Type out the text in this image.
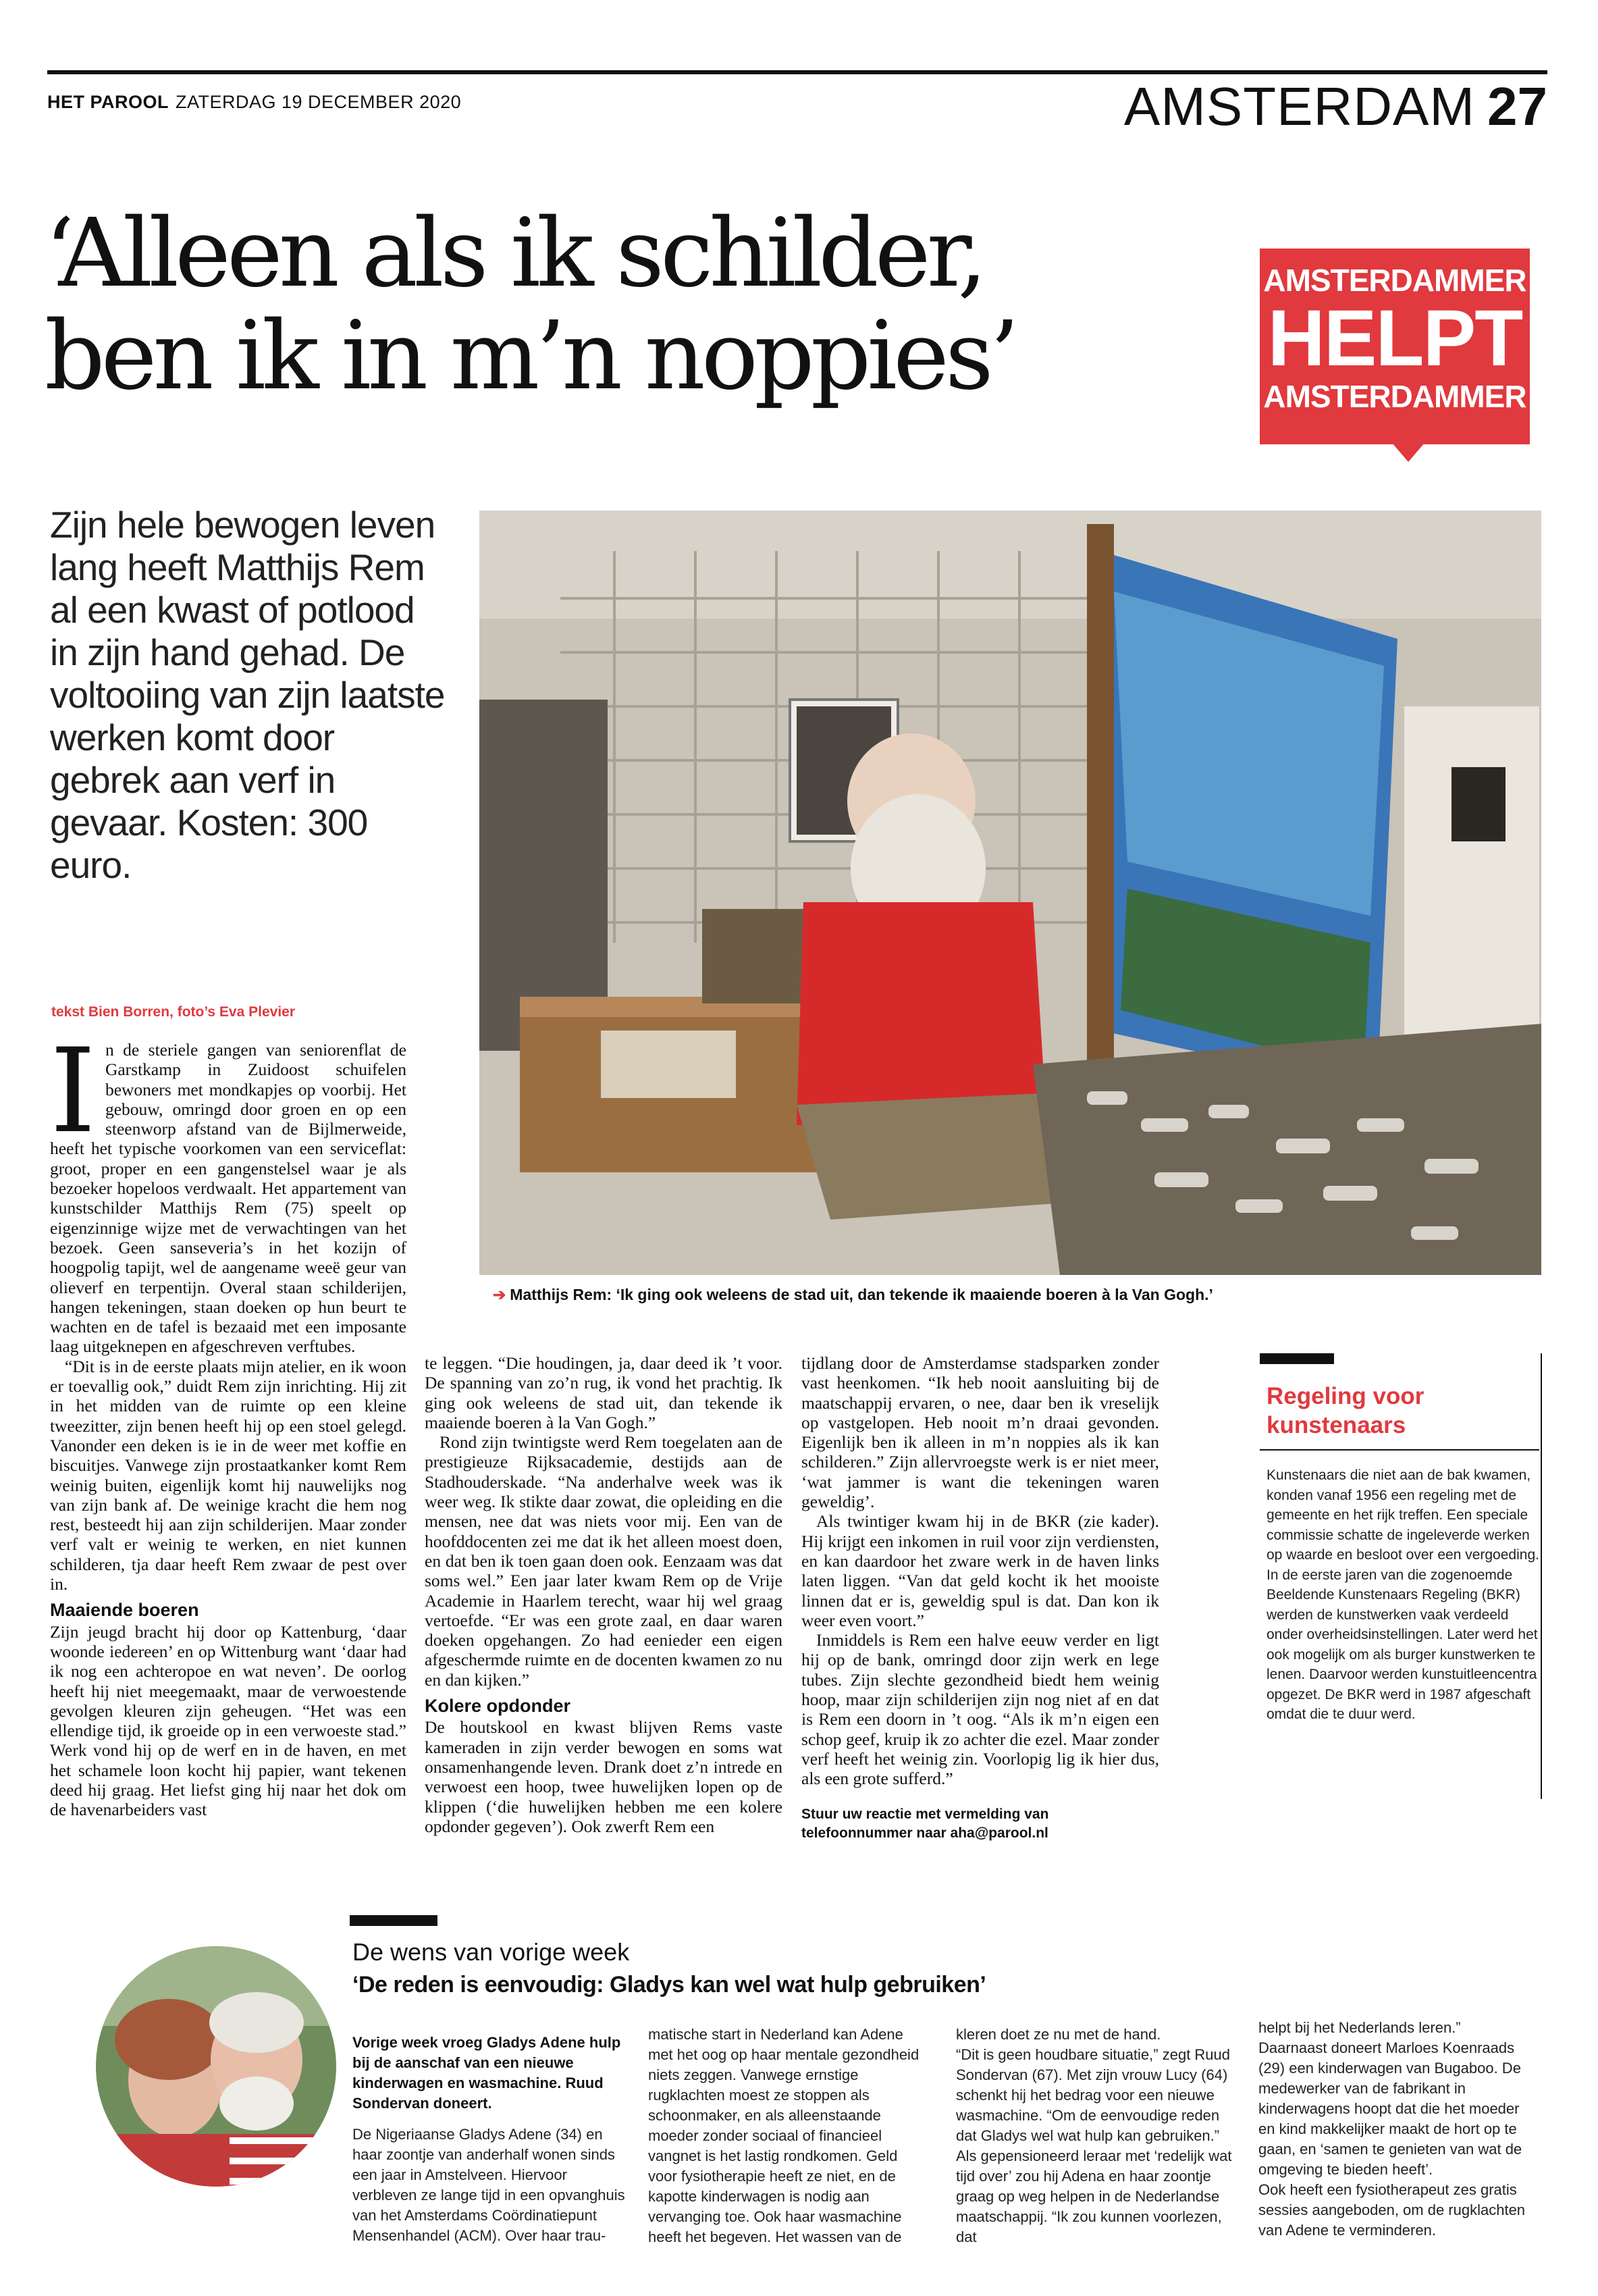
HET PAROOL ZATERDAG 19 DECEMBER 2020	AMSTERDAM 27
‘Alleen als ik schilder,
ben ik in m’n noppies’
AMSTERDAMMER
HELPT
AMSTERDAMMER
Zijn hele bewogen leven lang heeft Matthijs Rem al een kwast of potlood in zijn hand gehad. De voltooiing van zijn laatste werken komt door gebrek aan verf in gevaar. Kosten: 300 euro.
➔ Matthijs Rem: ‘Ik ging ook weleens de stad uit, dan tekende ik maaiende boeren à la Van Gogh.’
tekst Bien Borren, foto’s Eva Plevier
I n de steriele gangen van seniorenflat de Garstkamp in Zuidoost schuifelen bewoners met mondkapjes op voorbij. Het gebouw, omringd door groen en op een steenworp afstand van de Bijlmerweide, heeft het typische voorkomen van een serviceflat: groot, proper en een gangenstelsel waar je als bezoeker hopeloos verdwaalt. Het appartement van kunstschilder Matthijs Rem (75) speelt op eigenzinnige wijze met de verwachtingen van het bezoek. Geen sanseveria’s in het kozijn of hoogpolig tapijt, wel de aangename weeë geur van olieverf en terpentijn. Overal staan schilderijen, hangen tekeningen, staan doeken op hun beurt te wachten en de tafel is bezaaid met een imposante laag uitgeknepen en afgeschreven verftubes.

“Dit is in de eerste plaats mijn atelier, en ik woon er toevallig ook,” duidt Rem zijn inrichting. Hij zit in het midden van de ruimte op een kleine tweezitter, zijn benen heeft hij op een stoel gelegd. Vanonder een deken is ie in de weer met koffie en biscuitjes. Vanwege zijn prostaatkanker komt Rem weinig buiten, eigenlijk komt hij nauwelijks nog van zijn bank af. De weinige kracht die hem nog rest, besteedt hij aan zijn schilderijen. Maar zonder verf valt er weinig te werken, en niet kunnen schilderen, tja daar heeft Rem zwaar de pest over in.

Maaiende boeren

Zijn jeugd bracht hij door op Kattenburg, ‘daar woonde iedereen’ en op Wittenburg want ‘daar had ik nog een achteropoe en wat neven’. De oorlog heeft hij niet meegemaakt, maar de verwoestende gevolgen kleuren zijn geheugen. “Het was een ellendige tijd, ik groeide op in een verwoeste stad.” Werk vond hij op de werf en in de haven, en met het schamele loon kocht hij papier, want tekenen deed hij graag. Het liefst ging hij naar het dok om de havenarbeiders vast

te leggen. “Die houdingen, ja, daar deed ik ’t voor. De spanning van zo’n rug, ik vond het prachtig. Ik ging ook weleens de stad uit, dan tekende ik maaiende boeren à la Van Gogh.”

Rond zijn twintigste werd Rem toegelaten aan de prestigieuze Rijksacademie, destijds aan de Stadhouderskade. “Na anderhalve week was ik weer weg. Ik stikte daar zowat, die opleiding en die mensen, nee dat was niets voor mij. Een van de hoofddocenten zei me dat ik het alleen moest doen, en dat ben ik toen gaan doen ook. Eenzaam was dat soms wel.” Een jaar later kwam Rem op de Vrije Academie in Haarlem terecht, waar hij wel graag vertoefde. “Er was een grote zaal, en daar waren doeken opgehangen. Zo had eenieder een eigen afgeschermde ruimte en de docenten kwamen zo nu en dan kijken.”

Kolere opdonder

De houtskool en kwast blijven Rems vaste kameraden in zijn verder bewogen en soms wat onsamenhangende leven. Drank doet z’n intrede en verwoest een hoop, twee huwelijken lopen op de klippen (‘die huwelijken hebben me een kolere opdonder gegeven’). Ook zwerft Rem een

tijdlang door de Amsterdamse stadsparken zonder vast heenkomen. “Ik heb nooit aansluiting bij de maatschappij ervaren, o nee, daar ben ik vreselijk op vastgelopen. Heb nooit m’n draai gevonden. Eigenlijk ben ik alleen in m’n noppies als ik kan schilderen.” Zijn allervroegste werk is er niet meer, ‘wat jammer is want die tekeningen waren geweldig’.

Als twintiger kwam hij in de BKR (zie kader). Hij krijgt een inkomen in ruil voor zijn verdiensten, en kan daardoor het zware werk in de haven links laten liggen. “Van dat geld kocht ik het mooiste linnen dat er is, geweldig spul is dat. Dan kon ik weer even voort.”

Inmiddels is Rem een halve eeuw verder en ligt hij op de bank, omringd door zijn werk en lege tubes. Zijn slechte gezondheid biedt hem weinig hoop, maar zijn schilderijen zijn nog niet af en dat is Rem een doorn in ’t oog. “Als ik m’n eigen een schop geef, kruip ik zo achter die ezel. Maar zonder verf heeft het weinig zin. Voorlopig lig ik hier dus, als een grote sufferd.”

Stuur uw reactie met vermelding van telefoonnummer naar aha@parool.nl

Regeling voor kunstenaars
Kunstenaars die niet aan de bak kwamen, konden vanaf 1956 een regeling met de gemeente en het rijk treffen. Een speciale commissie schatte de ingeleverde werken op waarde en besloot over een vergoeding. In de eerste jaren van die zogenoemde Beeldende Kunstenaars Regeling (BKR) werden de kunstwerken vaak verdeeld onder overheidsinstellingen. Later werd het ook mogelijk om als burger kunstwerken te lenen. Daarvoor werden kunstuitleencentra opgezet. De BKR werd in 1987 afgeschaft omdat die te duur werd.
De wens van vorige week
‘De reden is eenvoudig: Gladys kan wel wat hulp gebruiken’

Vorige week vroeg Gladys Adene hulp bij de aanschaf van een nieuwe kinderwagen en wasmachine. Ruud Sondervan doneert.

De Nigeriaanse Gladys Adene (34) en haar zoontje van anderhalf wonen sinds een jaar in Amstelveen. Hiervoor verbleven ze lange tijd in een opvanghuis van het Amsterdams Coördinatiepunt Mensenhandel (ACM). Over haar trau-

matische start in Nederland kan Adene met het oog op haar mentale gezondheid niets zeggen. Vanwege ernstige rugklachten moest ze stoppen als schoonmaker, en als alleenstaande moeder zonder sociaal of financieel vangnet is het lastig rondkomen. Geld voor fysiotherapie heeft ze niet, en de kapotte kinderwagen is nodig aan vervanging toe. Ook haar wasmachine heeft het begeven. Het wassen van de

kleren doet ze nu met de hand.

“Dit is geen houdbare situatie,” zegt Ruud Sondervan (67). Met zijn vrouw Lucy (64) schenkt hij het bedrag voor een nieuwe wasmachine. “Om de eenvoudige reden dat Gladys wel wat hulp kan gebruiken.” Als gepensioneerd leraar met ‘redelijk wat tijd over’ zou hij Adena en haar zoontje graag op weg helpen in de Nederlandse maatschappij. “Ik zou kunnen voorlezen, dat

helpt bij het Nederlands leren.”

Daarnaast doneert Marloes Koenraads (29) een kinderwagen van Bugaboo. De medewerker van de fabrikant in kinderwagens hoopt dat die het moeder en kind makkelijker maakt de hort op te gaan, en ‘samen te genieten van wat de omgeving te bieden heeft’.

Ook heeft een fysiotherapeut zes gratis sessies aangeboden, om de rugklachten van Adene te verminderen.
